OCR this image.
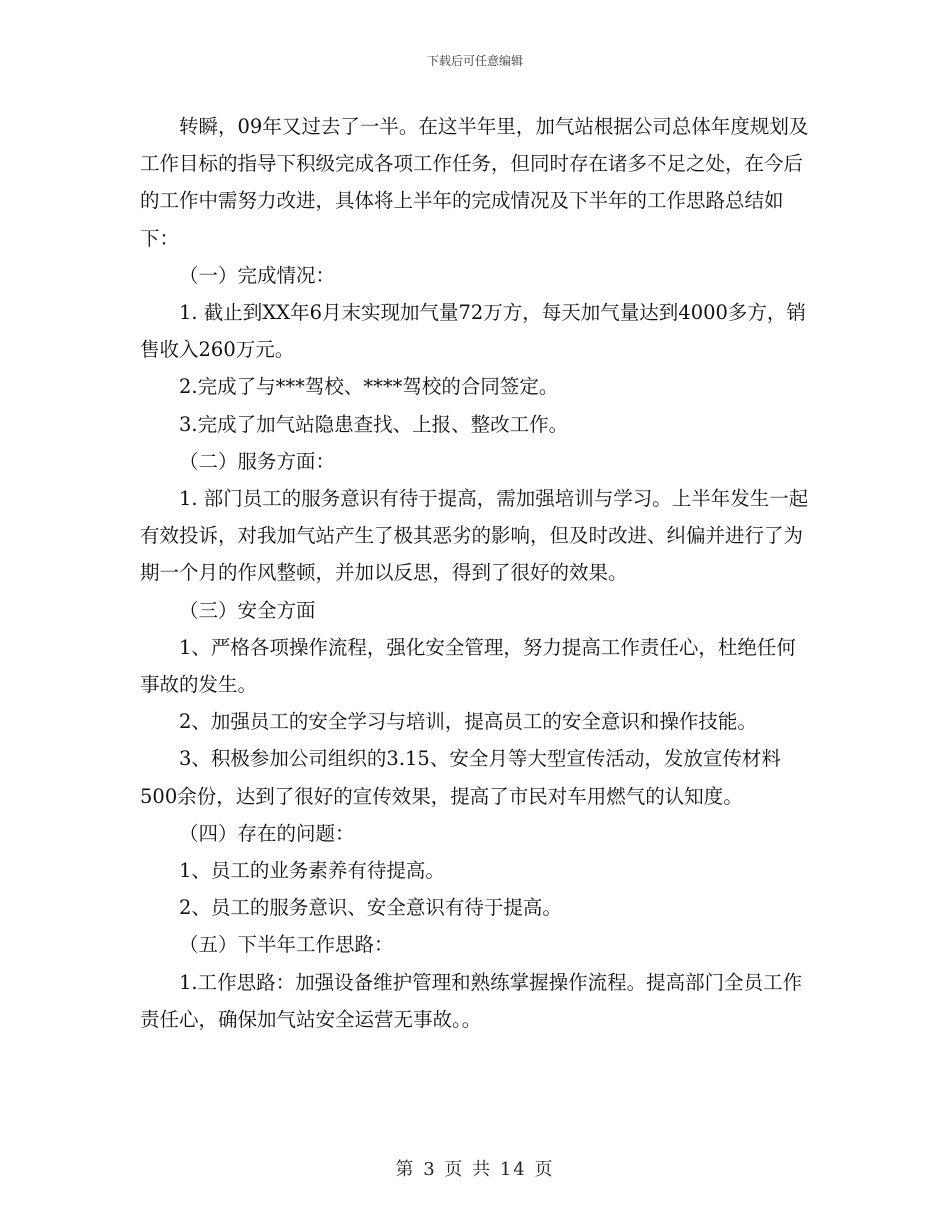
下载后可任意编辑

转瞬，09年又过去了一半。在这半年里，加气站根据公司总体年度规划及工作目标的指导下积级完成各项工作任务，但同时存在诸多不足之处，在今后的工作中需努力改进，具体将上半年的完成情况及下半年的工作思路总结如下：

（一）完成情况：

1. 截止到XX年6月末实现加气量72万方，每天加气量达到4000多方，销售收入260万元。

2.完成了与***驾校、****驾校的合同签定。

3.完成了加气站隐患查找、上报、整改工作。

（二）服务方面：

1. 部门员工的服务意识有待于提高，需加强培训与学习。上半年发生一起有效投诉，对我加气站产生了极其恶劣的影响，但及时改进、纠偏并进行了为期一个月的作风整顿，并加以反思，得到了很好的效果。

（三）安全方面

1、严格各项操作流程，强化安全管理，努力提高工作责任心，杜绝任何事故的发生。

2、加强员工的安全学习与培训，提高员工的安全意识和操作技能。

3、积极参加公司组织的3.15、安全月等大型宣传活动，发放宣传材料500余份，达到了很好的宣传效果，提高了市民对车用燃气的认知度。

（四）存在的问题：

1、员工的业务素养有待提高。

2、员工的服务意识、安全意识有待于提高。

（五）下半年工作思路：

1.工作思路：加强设备维护管理和熟练掌握操作流程。提高部门全员工作责任心，确保加气站安全运营无事故。。

第 3 页 共 14 页
